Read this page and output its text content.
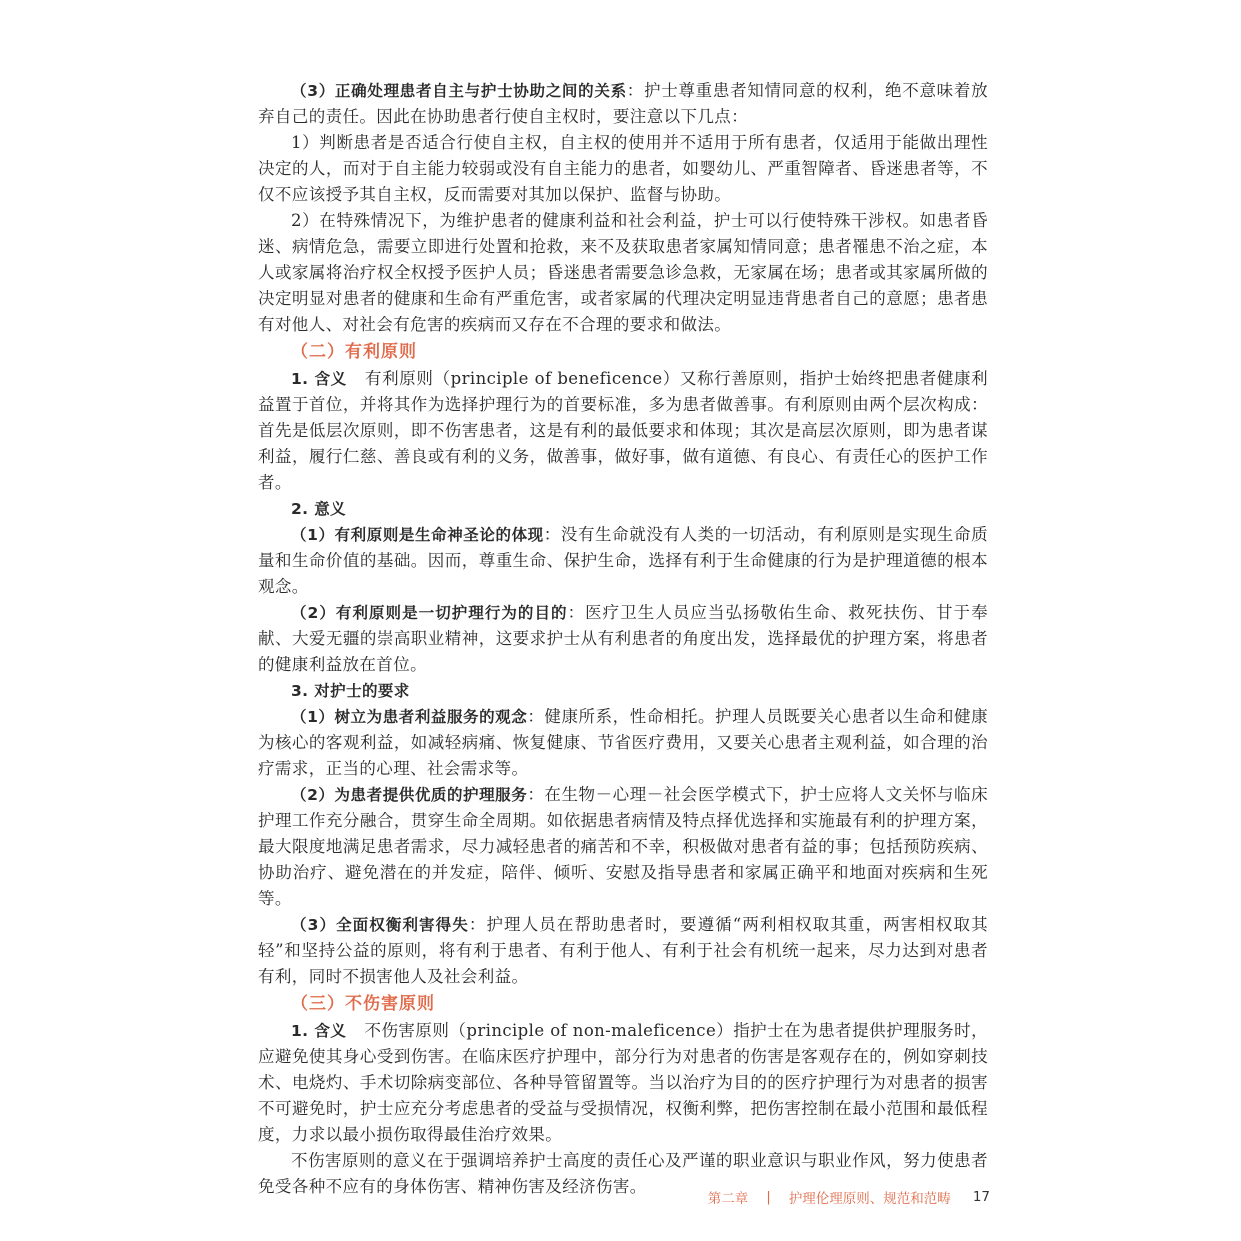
（3）正确处理患者自主与护士协助之间的关系：护士尊重患者知情同意的权利，绝不意味着放弃自己的责任。因此在协助患者行使自主权时，要注意以下几点：

1）判断患者是否适合行使自主权，自主权的使用并不适用于所有患者，仅适用于能做出理性决定的人，而对于自主能力较弱或没有自主能力的患者，如婴幼儿、严重智障者、昏迷患者等，不仅不应该授予其自主权，反而需要对其加以保护、监督与协助。

2）在特殊情况下，为维护患者的健康利益和社会利益，护士可以行使特殊干涉权。如患者昏迷、病情危急，需要立即进行处置和抢救，来不及获取患者家属知情同意；患者罹患不治之症，本人或家属将治疗权全权授予医护人员；昏迷患者需要急诊急救，无家属在场；患者或其家属所做的决定明显对患者的健康和生命有严重危害，或者家属的代理决定明显违背患者自己的意愿；患者患有对他人、对社会有危害的疾病而又存在不合理的要求和做法。

（二）有利原则

1. 含义 有利原则（principle of beneficence）又称行善原则，指护士始终把患者健康利益置于首位，并将其作为选择护理行为的首要标准，多为患者做善事。有利原则由两个层次构成：首先是低层次原则，即不伤害患者，这是有利的最低要求和体现；其次是高层次原则，即为患者谋利益，履行仁慈、善良或有利的义务，做善事，做好事，做有道德、有良心、有责任心的医护工作者。

2. 意义

（1）有利原则是生命神圣论的体现：没有生命就没有人类的一切活动，有利原则是实现生命质量和生命价值的基础。因而，尊重生命、保护生命，选择有利于生命健康的行为是护理道德的根本观念。

（2）有利原则是一切护理行为的目的：医疗卫生人员应当弘扬敬佑生命、救死扶伤、甘于奉献、大爱无疆的崇高职业精神，这要求护士从有利患者的角度出发，选择最优的护理方案，将患者的健康利益放在首位。

3. 对护士的要求

（1）树立为患者利益服务的观念：健康所系，性命相托。护理人员既要关心患者以生命和健康为核心的客观利益，如减轻病痛、恢复健康、节省医疗费用，又要关心患者主观利益，如合理的治疗需求，正当的心理、社会需求等。

（2）为患者提供优质的护理服务：在生物－心理－社会医学模式下，护士应将人文关怀与临床护理工作充分融合，贯穿生命全周期。如依据患者病情及特点择优选择和实施最有利的护理方案，最大限度地满足患者需求，尽力减轻患者的痛苦和不幸，积极做对患者有益的事；包括预防疾病、协助治疗、避免潜在的并发症，陪伴、倾听、安慰及指导患者和家属正确平和地面对疾病和生死等。

（3）全面权衡利害得失：护理人员在帮助患者时，要遵循“两利相权取其重，两害相权取其轻”和坚持公益的原则，将有利于患者、有利于他人、有利于社会有机统一起来，尽力达到对患者有利，同时不损害他人及社会利益。

（三）不伤害原则

1. 含义 不伤害原则（principle of non-maleficence）指护士在为患者提供护理服务时，应避免使其身心受到伤害。在临床医疗护理中，部分行为对患者的伤害是客观存在的，例如穿刺技术、电烧灼、手术切除病变部位、各种导管留置等。当以治疗为目的的医疗护理行为对患者的损害不可避免时，护士应充分考虑患者的受益与受损情况，权衡利弊，把伤害控制在最小范围和最低程度，力求以最小损伤取得最佳治疗效果。

不伤害原则的意义在于强调培养护士高度的责任心及严谨的职业意识与职业作风，努力使患者免受各种不应有的身体伤害、精神伤害及经济伤害。

第二章 | 护理伦理原则、规范和范畴 17
